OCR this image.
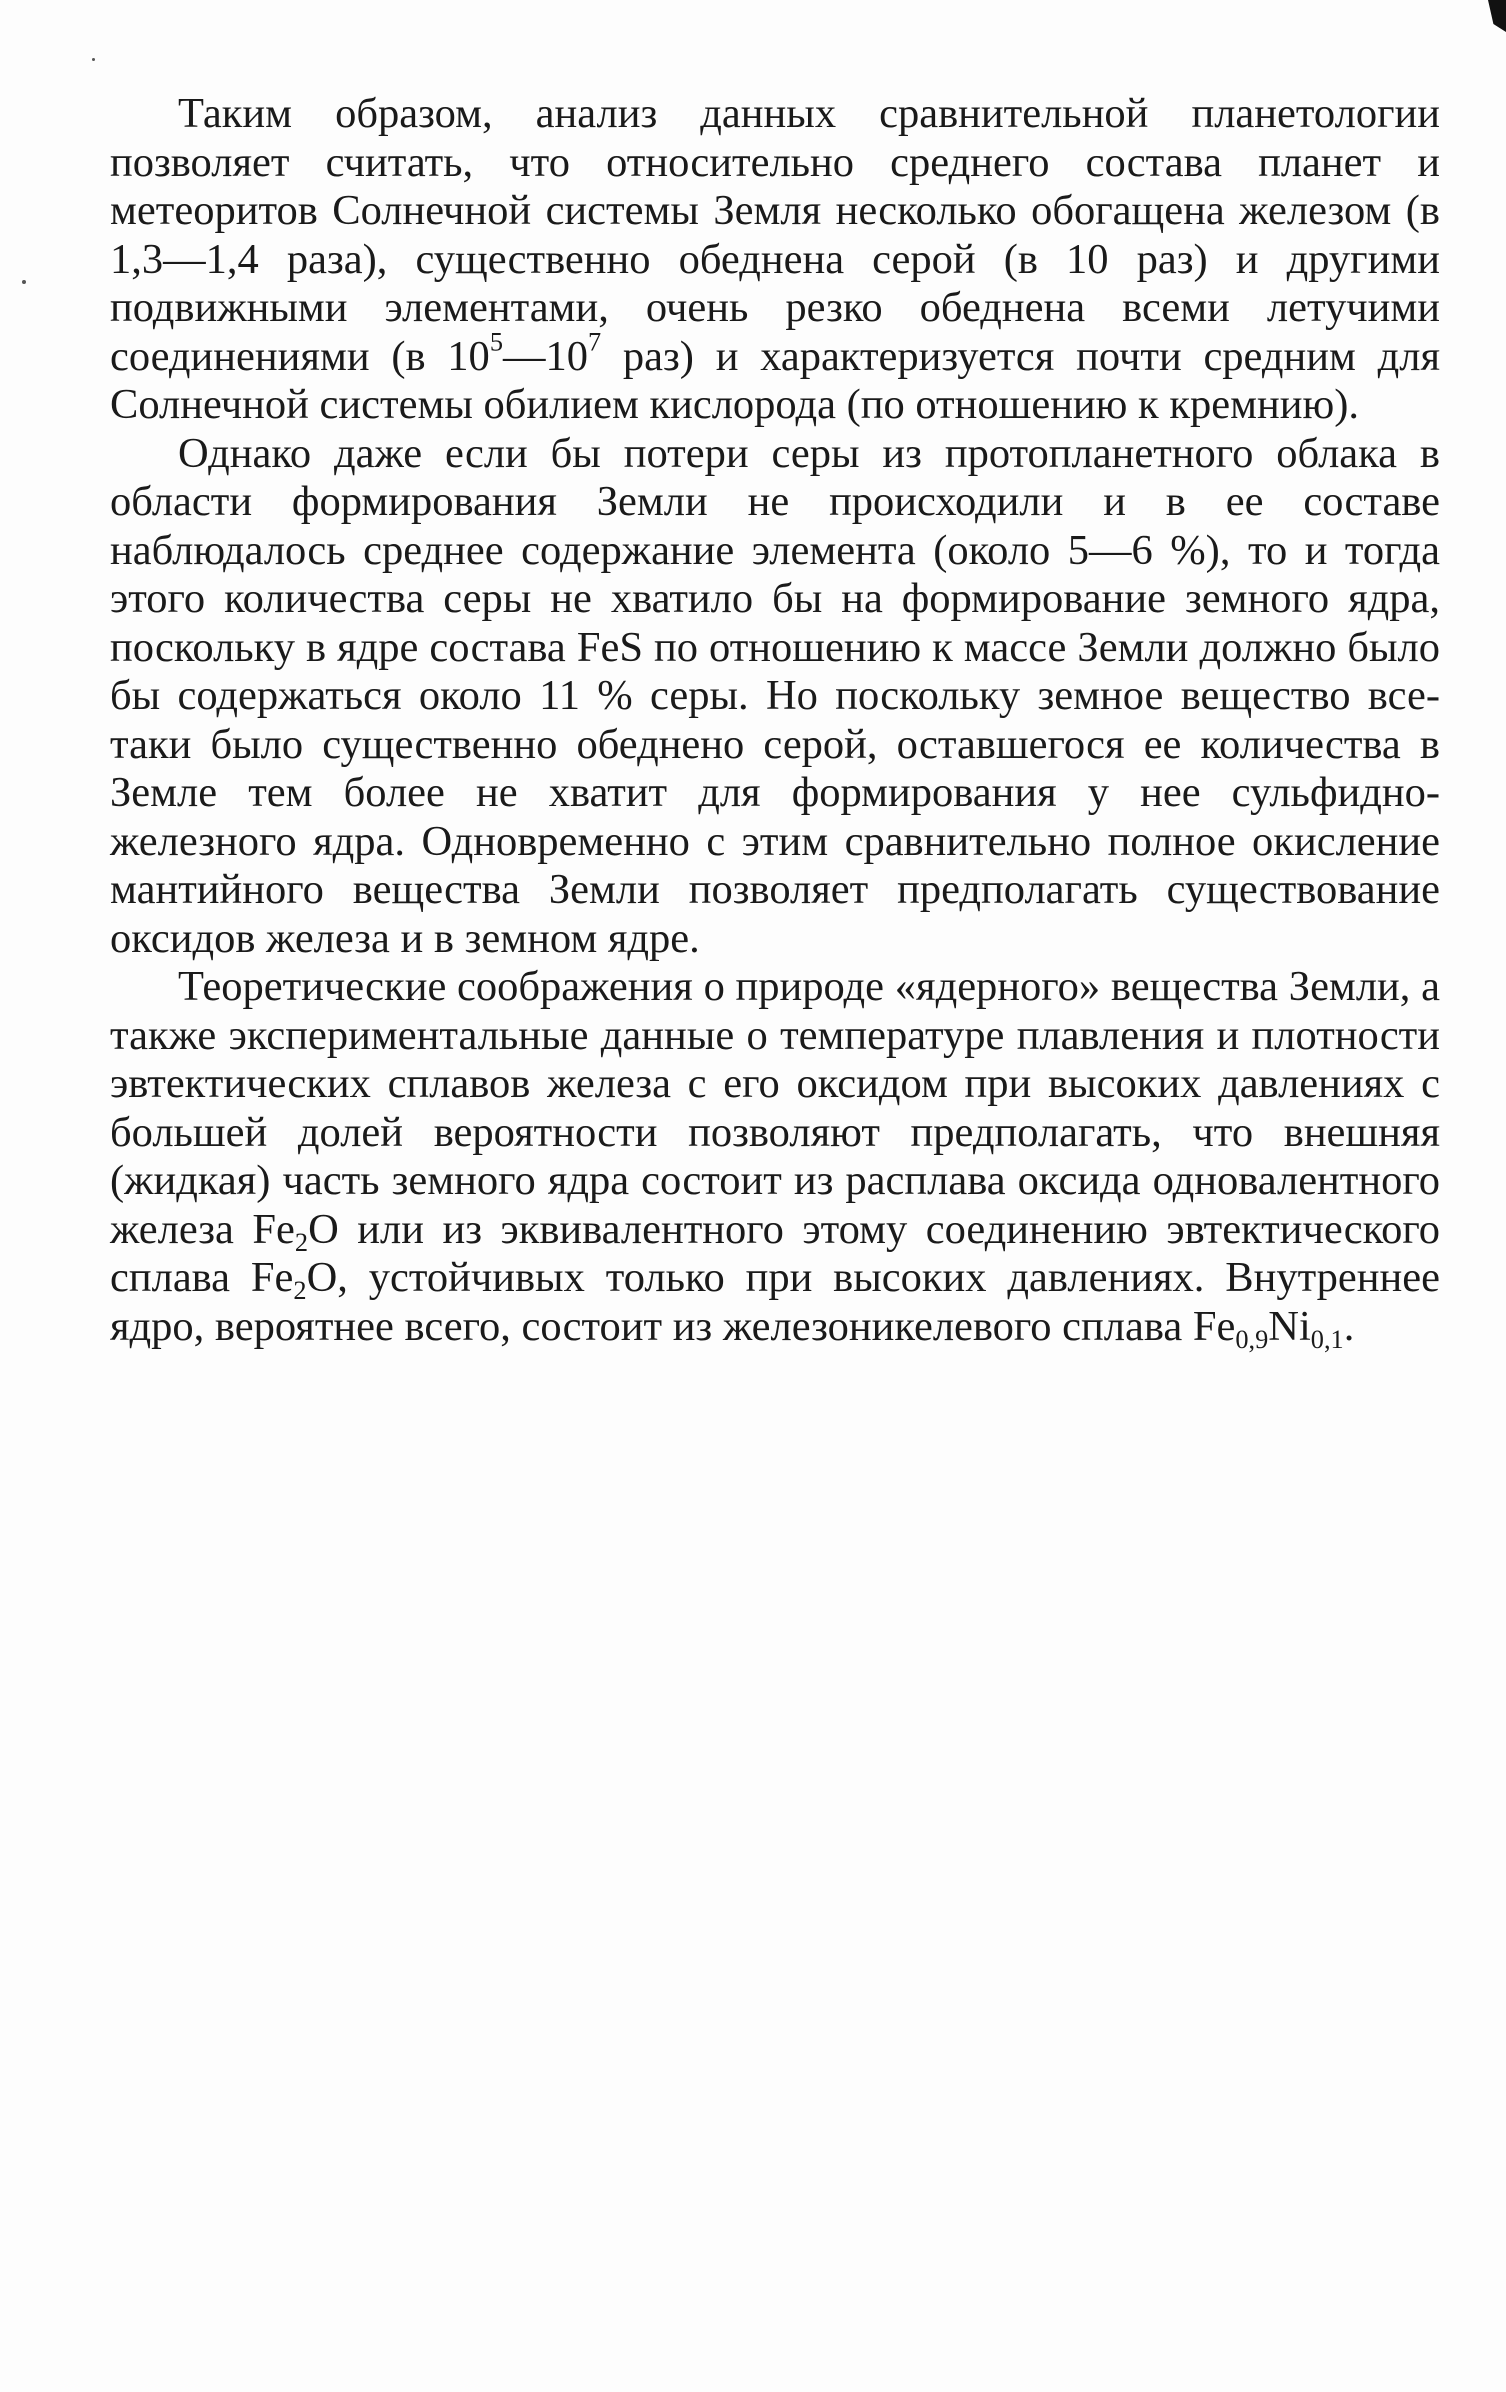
Таким образом, анализ данных сравнительной планетологии позволяет считать, что относительно среднего состава планет и метеоритов Солнечной системы Земля несколько обогащена железом (в 1,3—1,4 раза), существенно обеднена серой (в 10 раз) и другими подвижными элементами, очень резко обеднена всеми летучими соединениями (в $10^5—10^7$ раз) и характеризуется почти средним для Солнечной системы обилием кислорода (по отношению к кремнию).

Однако даже если бы потери серы из протопланетного облака в области формирования Земли не происходили и в ее составе наблюдалось среднее содержание элемента (около 5—6 %), то и тогда этого количества серы не хватило бы на формирование земного ядра, поскольку в ядре состава FeS по отношению к массе Земли должно было бы содержаться около 11 % серы. Но поскольку земное вещество все-таки было существенно обеднено серой, оставшегося ее количества в Земле тем более не хватит для формирования у нее сульфидно-железного ядра. Одновременно с этим сравнительно полное окисление мантийного вещества Земли позволяет предполагать существование оксидов железа и в земном ядре.

Теоретические соображения о природе «ядерного» вещества Земли, а также экспериментальные данные о температуре плавления и плотности эвтектических сплавов железа с его оксидом при высоких давлениях с большей долей вероятности позволяют предполагать, что внешняя (жидкая) часть земного ядра состоит из расплава оксида одновалентного железа $Fe_2O$ или из эквивалентного этому соединению эвтектического сплава $Fe_2O$, устойчивых только при высоких давлениях. Внутреннее ядро, вероятнее всего, состоит из железоникелевого сплава $Fe_{0,9}Ni_{0,1}$.
